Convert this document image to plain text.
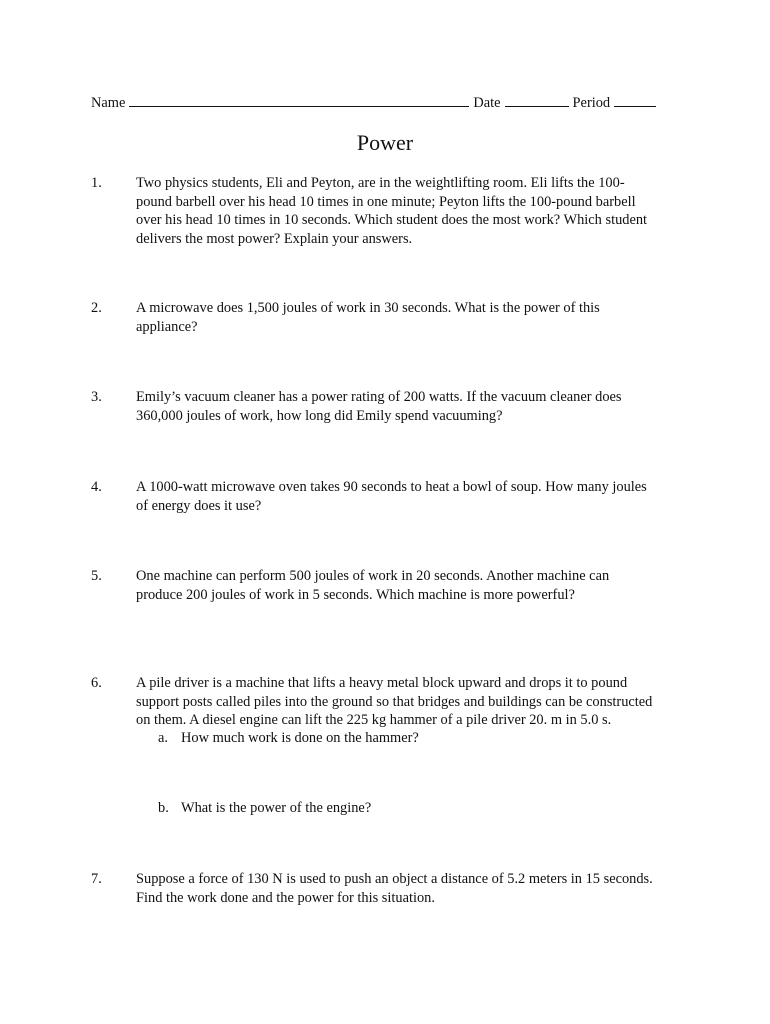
Name	Date	Period
Power
1.	Two physics students, Eli and Peyton, are in the weightlifting room. Eli lifts the 100-

pound barbell over his head 10 times in one minute; Peyton lifts the 100-pound barbell

over his head 10 times in 10 seconds. Which student does the most work? Which student

delivers the most power? Explain your answers.

2.	A microwave does 1,500 joules of work in 30 seconds. What is the power of this

appliance?

3.	Emily’s vacuum cleaner has a power rating of 200 watts. If the vacuum cleaner does

360,000 joules of work, how long did Emily spend vacuuming?

4.	A 1000-watt microwave oven takes 90 seconds to heat a bowl of soup. How many joules

of energy does it use?

5.	One machine can perform 500 joules of work in 20 seconds. Another machine can

produce 200 joules of work in 5 seconds. Which machine is more powerful?

6.	A pile driver is a machine that lifts a heavy metal block upward and drops it to pound

support posts called piles into the ground so that bridges and buildings can be constructed

on them. A diesel engine can lift the 225 kg hammer of a pile driver 20. m in 5.0 s.

a. How much work is done on the hammer?
b. What is the power of the engine?
7.	Suppose a force of 130 N is used to push an object a distance of 5.2 meters in 15 seconds.

Find the work done and the power for this situation.
